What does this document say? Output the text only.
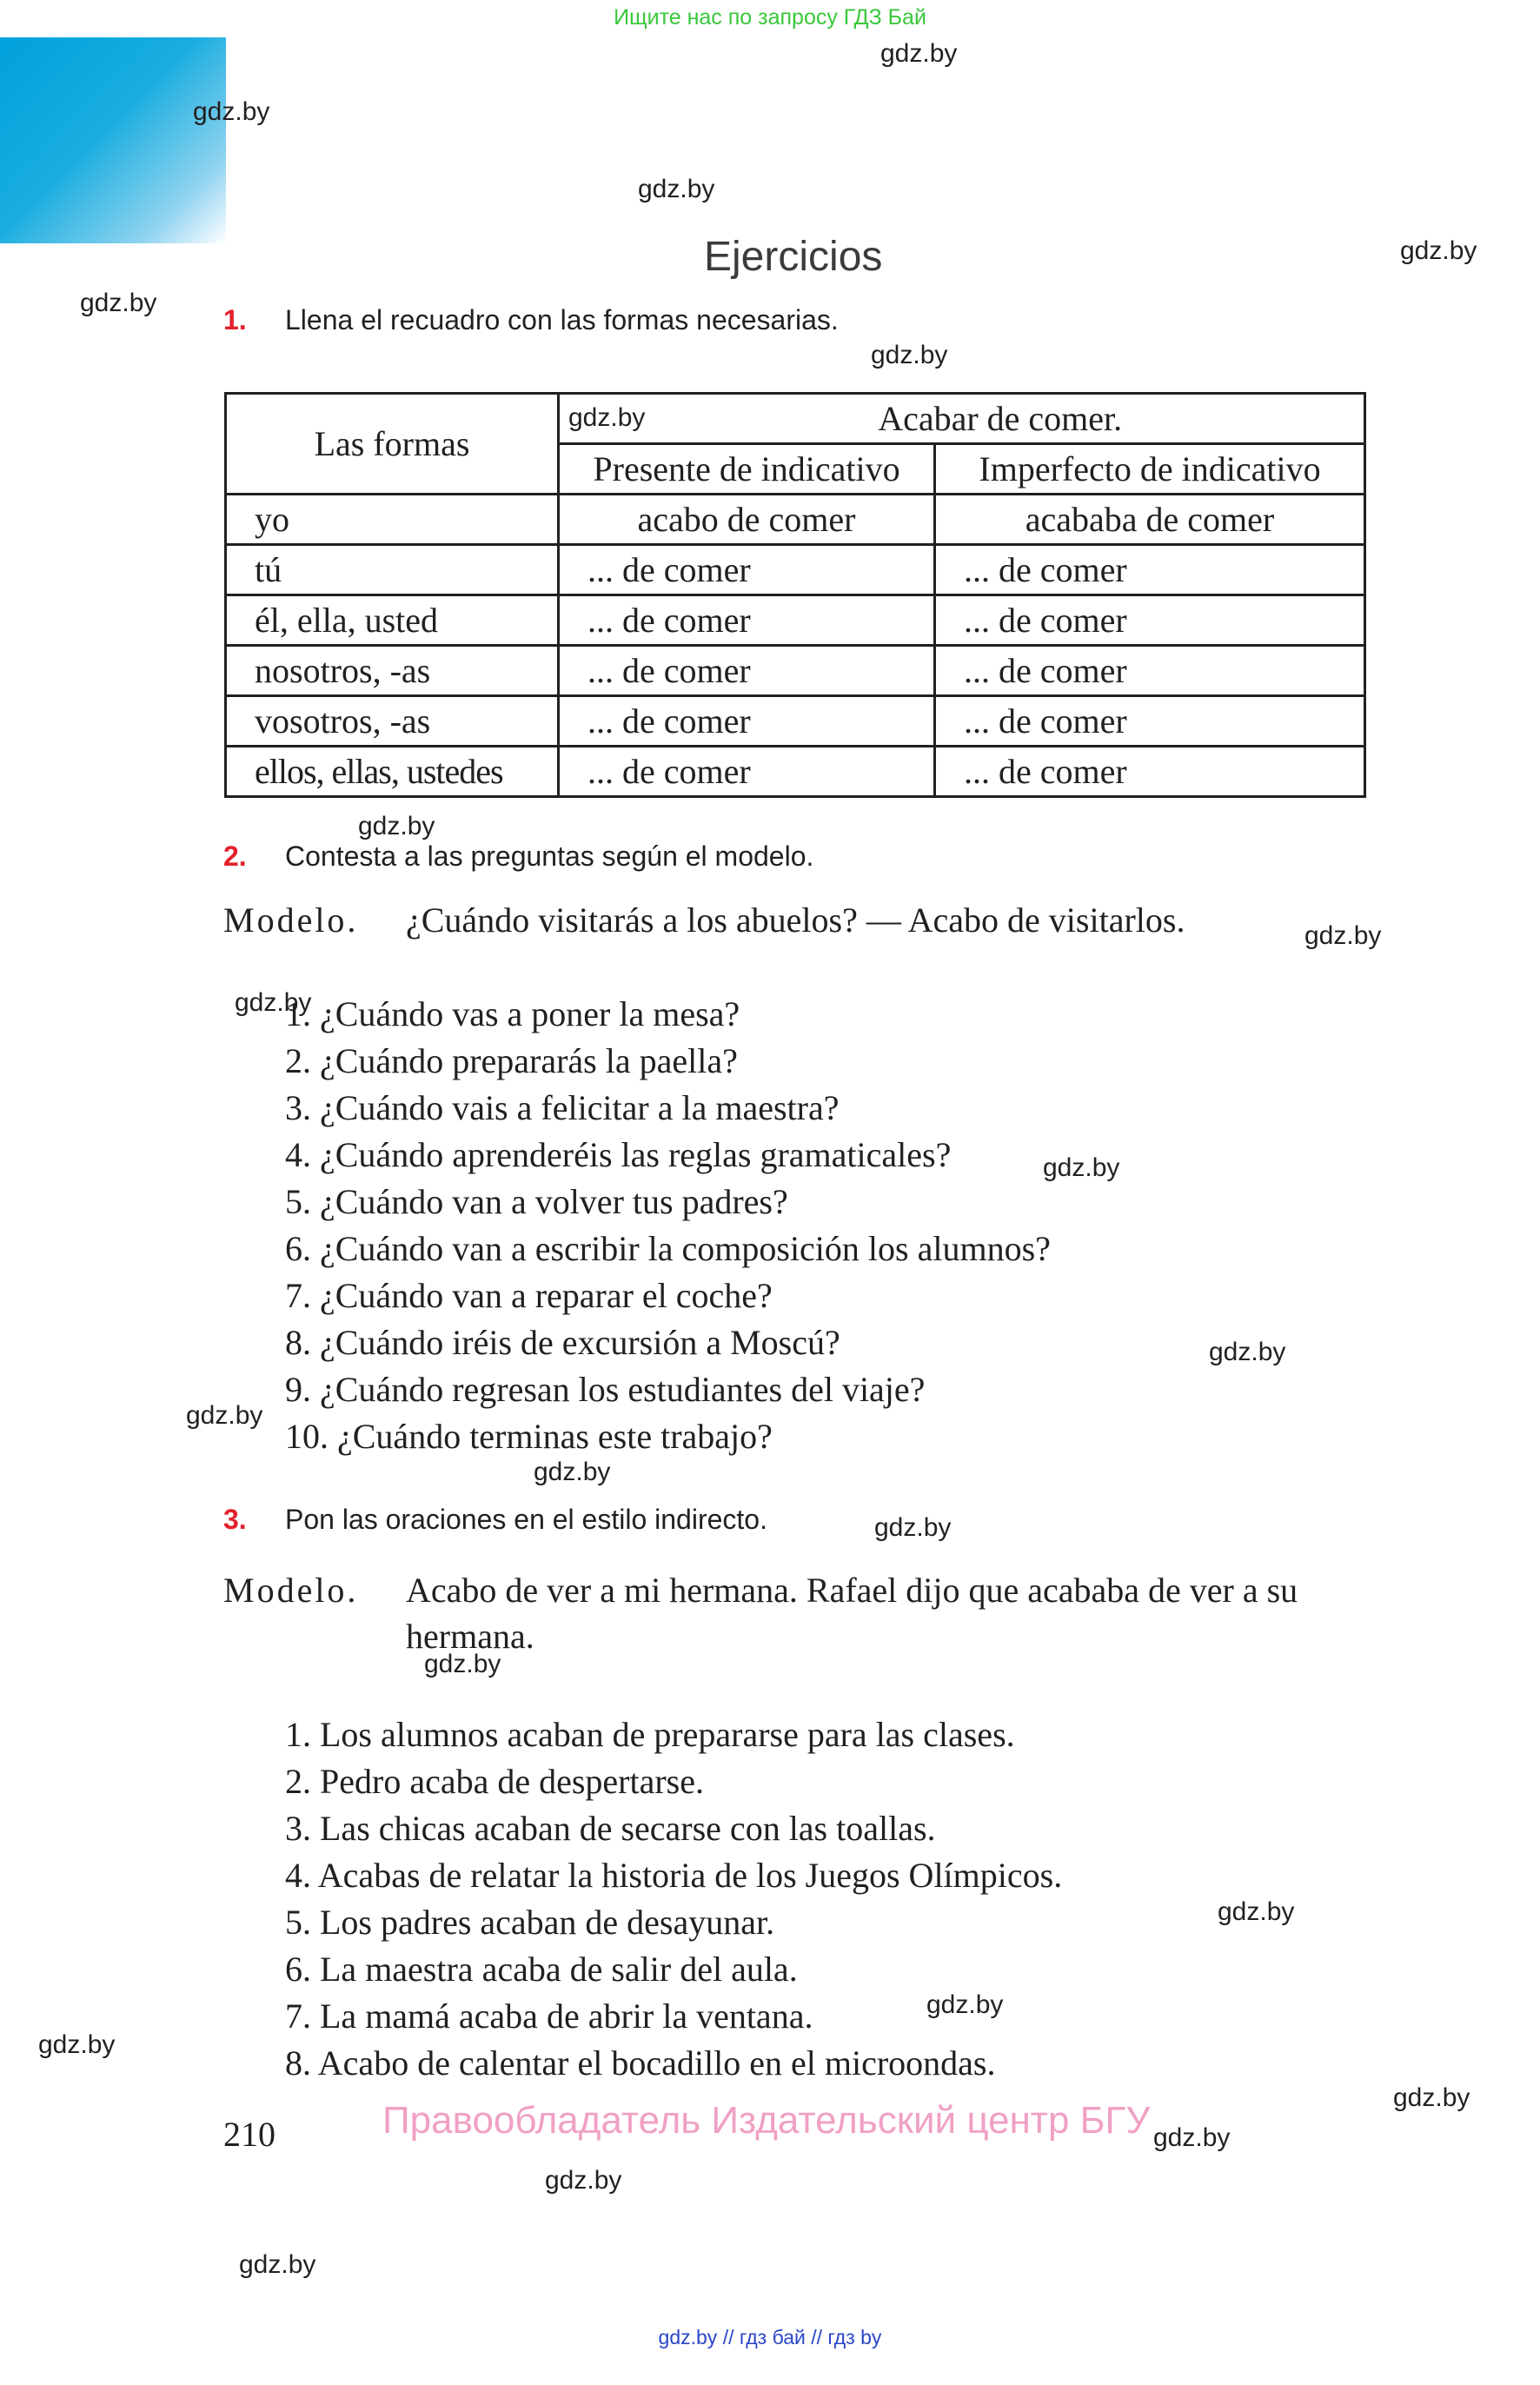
Ищите нас по запросу ГДЗ Бай
gdz.by
gdz.by
gdz.by
gdz.by
gdz.by
gdz.by
gdz.by
gdz.by
gdz.by
gdz.by
gdz.by
gdz.by
gdz.by
gdz.by
gdz.by
gdz.by
gdz.by
gdz.by
gdz.by
gdz.by
gdz.by
gdz.by
Ejercicios
1. Llena el recuadro con las formas necesarias.
Las formas	gdz.by Acabar de comer.	
	Presente de indicativo	Imperfecto de indicativo
yo	acabo de comer	acababa de comer
tú	... de comer	... de comer
él, ella, usted	... de comer	... de comer
nosotros, -as	... de comer	... de comer
vosotros, -as	... de comer	... de comer
ellos, ellas, ustedes	... de comer	... de comer
2. Contesta a las preguntas según el modelo.
Modelo. ¿Cuándo visitarás a los abuelos? — Acabo de visitarlos.
1. ¿Cuándo vas a poner la mesa?
2. ¿Cuándo prepararás la paella?
3. ¿Cuándo vais a felicitar a la maestra?
4. ¿Cuándo aprenderéis las reglas gramaticales?
5. ¿Cuándo van a volver tus padres?
6. ¿Cuándo van a escribir la composición los alumnos?
7. ¿Cuándo van a reparar el coche?
8. ¿Cuándo iréis de excursión a Moscú?
9. ¿Cuándo regresan los estudiantes del viaje?
10. ¿Cuándo terminas este trabajo?
3. Pon las oraciones en el estilo indirecto.
Modelo. Acabo de ver a mi hermana. Rafael dijo que acababa de ver a su
hermana.
1. Los alumnos acaban de prepararse para las clases.
2. Pedro acaba de despertarse.
3. Las chicas acaban de secarse con las toallas.
4. Acabas de relatar la historia de los Juegos Olímpicos.
5. Los padres acaban de desayunar.
6. La maestra acaba de salir del aula.
7. La mamá acaba de abrir la ventana.
8. Acabo de calentar el bocadillo en el microondas.
210	Правообладатель Издательский центр БГУ
gdz.by // гдз бай // гдз by
